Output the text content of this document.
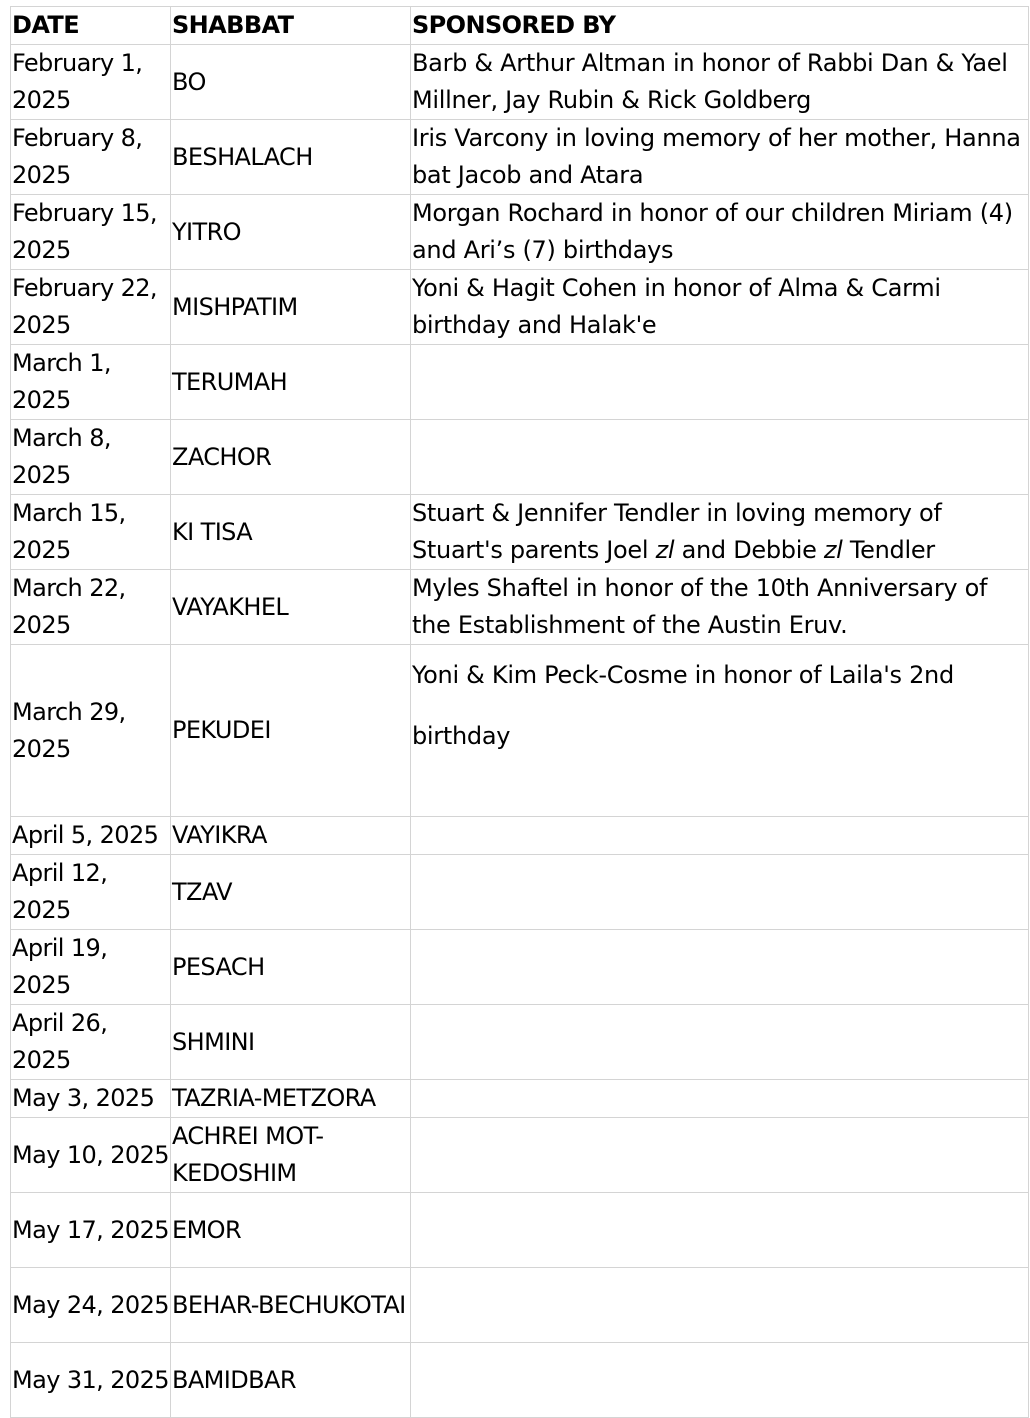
DATE	SHABBAT	SPONSORED BY
February 1, 2025	BO	Barb & Arthur Altman in honor of Rabbi Dan & Yael Millner, Jay Rubin & Rick Goldberg
February 8, 2025	BESHALACH	Iris Varcony in loving memory of her mother, Hanna bat Jacob and Atara
February 15, 2025	YITRO	Morgan Rochard in honor of our children Miriam (4) and Ari’s (7) birthdays
February 22, 2025	MISHPATIM	Yoni & Hagit Cohen in honor of Alma & Carmi birthday and Halak'e
March 1, 2025	TERUMAH	
March 8, 2025	ZACHOR	
March 15, 2025	KI TISA	Stuart & Jennifer Tendler in loving memory of Stuart's parents Joel zl and Debbie zl Tendler
March 22, 2025	VAYAKHEL	Myles Shaftel in honor of the 10th Anniversary of the Establishment of the Austin Eruv.
March 29, 2025	PEKUDEI	Yoni & Kim Peck-Cosme in honor of Laila's 2nd birthday
April 5, 2025	VAYIKRA	
April 12, 2025	TZAV	
April 19, 2025	PESACH	
April 26, 2025	SHMINI	
May 3, 2025	TAZRIA-METZORA	
May 10, 2025	ACHREI MOT-KEDOSHIM	
May 17, 2025	EMOR	
May 24, 2025	BEHAR-BECHUKOTAI	
May 31, 2025	BAMIDBAR	
